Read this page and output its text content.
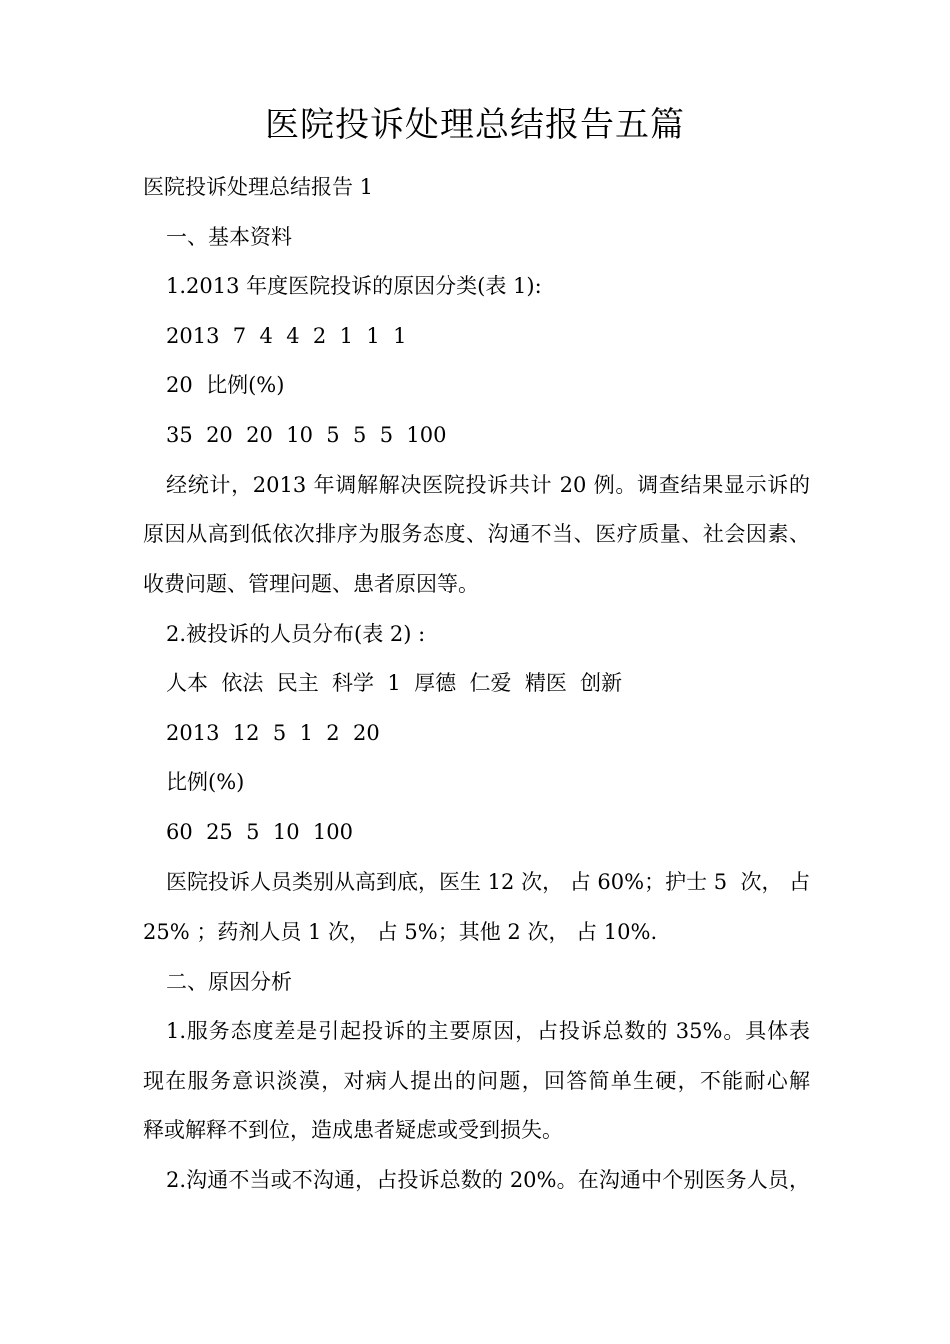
医院投诉处理总结报告五篇
医院投诉处理总结报告 1
一、基本资料
1.2013 年度医院投诉的原因分类(表 1):
2013  7  4  4  2  1  1  1
20  比例(%)
35  20  20  10  5  5  5  100
经统计，2013 年调解解决医院投诉共计 20 例。调查结果显示诉的
原因从高到低依次排序为服务态度、沟通不当、医疗质量、社会因素、
收费问题、管理问题、患者原因等。
2.被投诉的人员分布(表 2) :
人本  依法  民主  科学  1  厚德  仁爱  精医  创新
2013  12  5  1  2  20
比例(%)
60  25  5  10  100
医院投诉人员类别从高到底，医生 12 次， 占 60%；护士 5  次， 占
25% ；药剂人员 1 次， 占 5%；其他 2 次， 占 10%.
二、原因分析
1.服务态度差是引起投诉的主要原因，占投诉总数的 35%。具体表
现在服务意识淡漠，对病人提出的问题，回答简单生硬，不能耐心解
释或解释不到位，造成患者疑虑或受到损失。
2.沟通不当或不沟通，占投诉总数的 20%。在沟通中个别医务人员，
